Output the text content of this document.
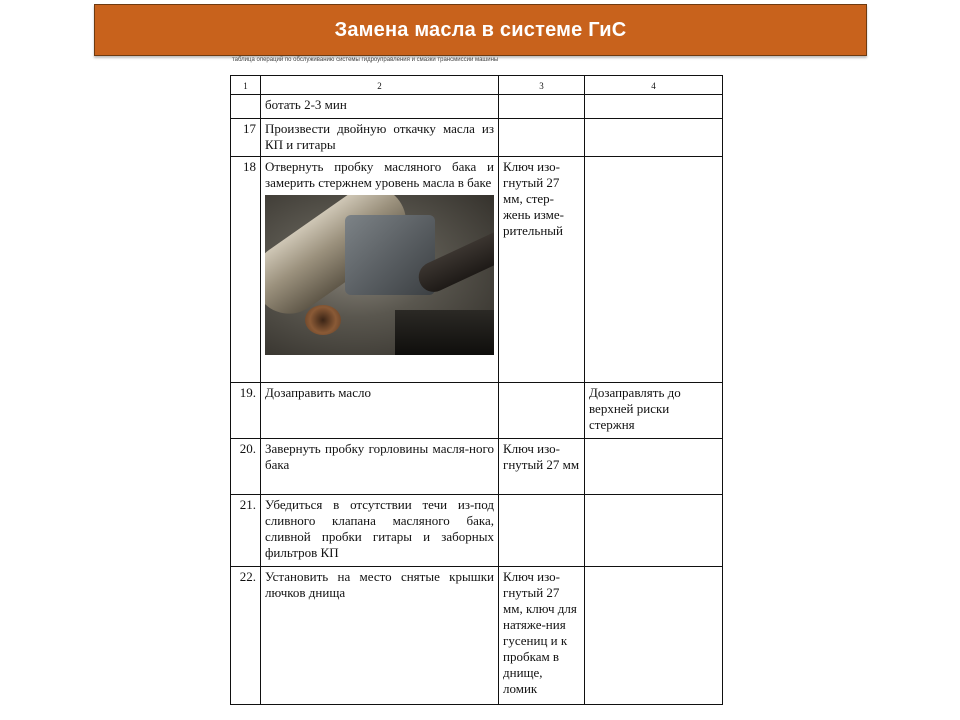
Замена масла в системе ГиС
таблица операций по обслуживанию системы гидроуправления и смазки трансмиссии машины
1	2	3	4
	ботать 2-3 мин		
17	Произвести двойную откачку масла из КП и гитары		
18	Отвернуть пробку масляного бака и замерить стержнем уровень масла в баке	Ключ изо-гнутый 27 мм, стер-жень изме-рительный	
19.	Дозаправить масло		Дозаправлять до верхней риски стержня
20.	Завернуть пробку горловины масля-ного бака	Ключ изо-гнутый 27 мм	
21.	Убедиться в отсутствии течи из-под сливного клапана масляного бака, сливной пробки гитары и заборных фильтров КП		
22.	Установить на место снятые крышки лючков днища	Ключ изо-гнутый 27 мм, ключ для натяже-ния гусениц и к пробкам в днище, ломик	
